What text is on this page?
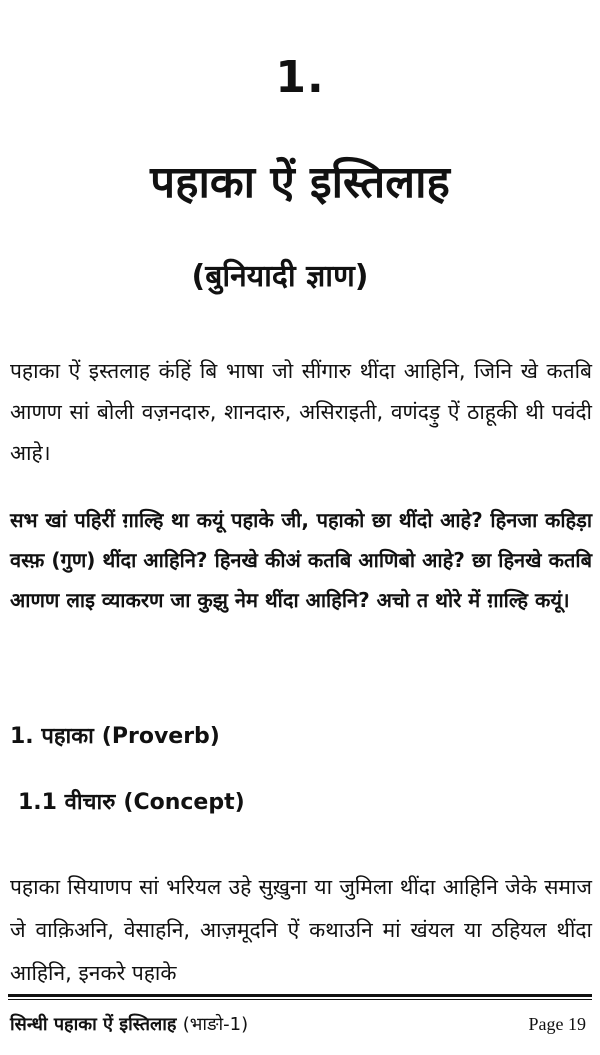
1.
पहाका ऐं इस्तिलाह
(बुनियादी ज्ञाण)

पहाका ऐं इस्तलाह कंहिं बि भाषा जो सींगारु थींदा आहिनि, जिनि खे कतबि आणण सां बोली वज़नदारु, शानदारु, असिराइती, वणंदड़ु ऐं ठाहूकी थी पवंदी आहे।

सभ खां पहिरीं ग़ाल्हि था कयूं पहाके जी, पहाको छा थींदो आहे? हिनजा कहिड़ा वस्फ़ (गुण) थींदा आहिनि? हिनखे कीअं कतबि आणिबो आहे? छा हिनखे कतबि आणण लाइ व्याकरण जा कुझु नेम थींदा आहिनि? अचो त थोरे में ग़ाल्हि कयूं।

1. पहाका (Proverb)
1.1 वीचारु (Concept)

पहाका सियाणप सां भरियल उहे सुख़ुना या जुमिला थींदा आहिनि जेके समाज जे वाक़िअनि, वेसाहनि, आज़मूदनि ऐं कथाउनि मां खंयल या ठहियल थींदा आहिनि, इनकरे पहाके

सिन्धी पहाका ऐं इस्तिलाह (भाङो-1)	Page 19
